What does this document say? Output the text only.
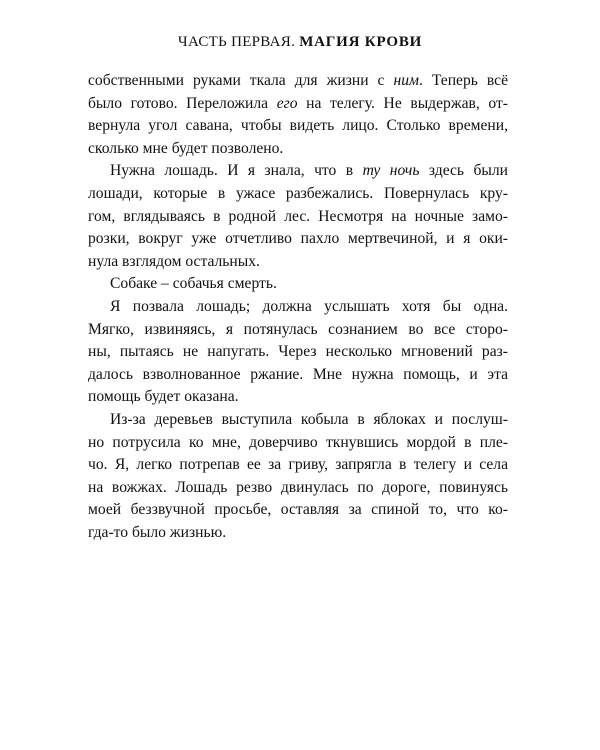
ЧАСТЬ ПЕРВАЯ. МАГИЯ КРОВИ
собственными руками ткала для жизни с ним. Теперь всё
было готово. Переложила его на телегу. Не выдержав, от-
вернула угол савана, чтобы видеть лицо. Столько времени,
сколько мне будет позволено.
Нужна лошадь. И я знала, что в ту ночь здесь были
лошади, которые в ужасе разбежались. Повернулась кру-
гом, вглядываясь в родной лес. Несмотря на ночные замо-
розки, вокруг уже отчетливо пахло мертвечиной, и я оки-
нула взглядом остальных.
Собаке – собачья смерть.
Я позвала лошадь; должна услышать хотя бы одна.
Мягко, извиняясь, я потянулась сознанием во все сторо-
ны, пытаясь не напугать. Через несколько мгновений раз-
далось взволнованное ржание. Мне нужна помощь, и эта
помощь будет оказана.
Из-за деревьев выступила кобыла в яблоках и послуш-
но потрусила ко мне, доверчиво ткнувшись мордой в пле-
чо. Я, легко потрепав ее за гриву, запрягла в телегу и села
на вожжах. Лошадь резво двинулась по дороге, повинуясь
моей беззвучной просьбе, оставляя за спиной то, что ко-
гда-то было жизнью.
